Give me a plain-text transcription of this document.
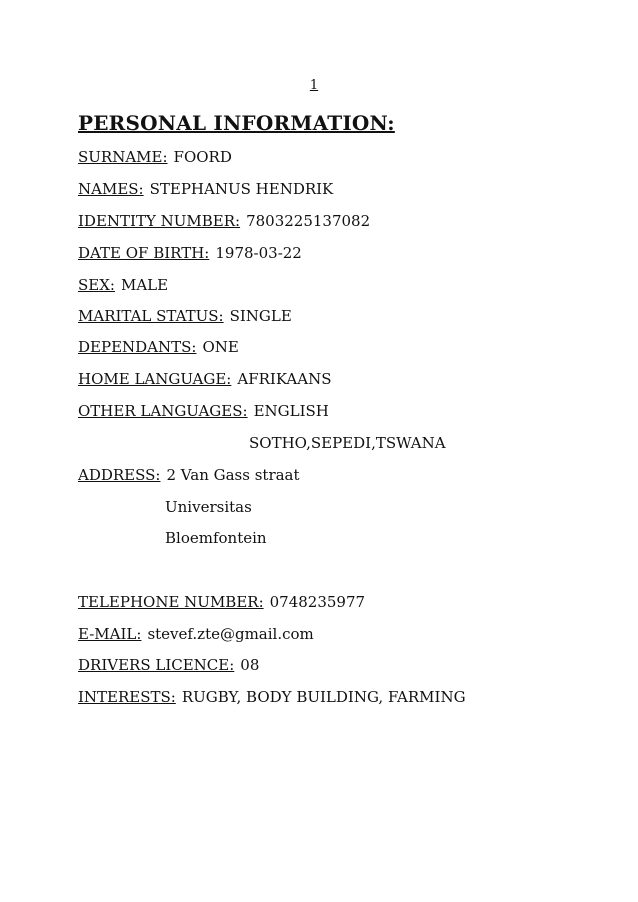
1
PERSONAL INFORMATION:
SURNAME: FOORD
NAMES: STEPHANUS HENDRIK
IDENTITY NUMBER: 7803225137082
DATE OF BIRTH: 1978-03-22
SEX: MALE
MARITAL STATUS: SINGLE
DEPENDANTS: ONE
HOME LANGUAGE: AFRIKAANS
OTHER LANGUAGES: ENGLISH
SOTHO,SEPEDI,TSWANA
ADDRESS: 2 Van Gass straat
Universitas
Bloemfontein
TELEPHONE NUMBER: 0748235977
E-MAIL: stevef.zte@gmail.com
DRIVERS LICENCE: 08
INTERESTS: RUGBY, BODY BUILDING, FARMING
